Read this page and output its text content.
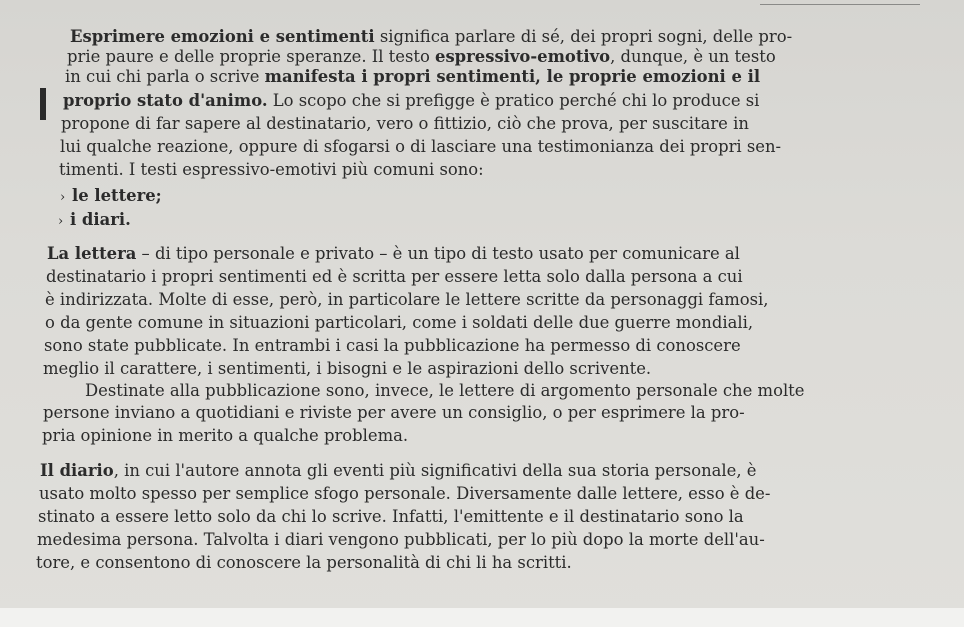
Esprimere emozioni e sentimenti significa parlare di sé, dei propri sogni, delle pro-
prie paure e delle proprie speranze. Il testo espressivo-emotivo, dunque, è un testo
in cui chi parla o scrive manifesta i propri sentimenti, le proprie emozioni e il
proprio stato d'animo. Lo scopo che si prefigge è pratico perché chi lo produce si
propone di far sapere al destinatario, vero o fittizio, ciò che prova, per suscitare in
lui qualche reazione, oppure di sfogarsi o di lasciare una testimonianza dei propri sen-
timenti. I testi espressivo-emotivi più comuni sono:
› le lettere;
› i diari.
La lettera – di tipo personale e privato – è un tipo di testo usato per comunicare al
destinatario i propri sentimenti ed è scritta per essere letta solo dalla persona a cui
è indirizzata. Molte di esse, però, in particolare le lettere scritte da personaggi famosi,
o da gente comune in situazioni particolari, come i soldati delle due guerre mondiali,
sono state pubblicate. In entrambi i casi la pubblicazione ha permesso di conoscere
meglio il carattere, i sentimenti, i bisogni e le aspirazioni dello scrivente.
Destinate alla pubblicazione sono, invece, le lettere di argomento personale che molte
persone inviano a quotidiani e riviste per avere un consiglio, o per esprimere la pro-
pria opinione in merito a qualche problema.
Il diario, in cui l'autore annota gli eventi più significativi della sua storia personale, è
usato molto spesso per semplice sfogo personale. Diversamente dalle lettere, esso è de-
stinato a essere letto solo da chi lo scrive. Infatti, l'emittente e il destinatario sono la
medesima persona. Talvolta i diari vengono pubblicati, per lo più dopo la morte dell'au-
tore, e consentono di conoscere la personalità di chi li ha scritti.
